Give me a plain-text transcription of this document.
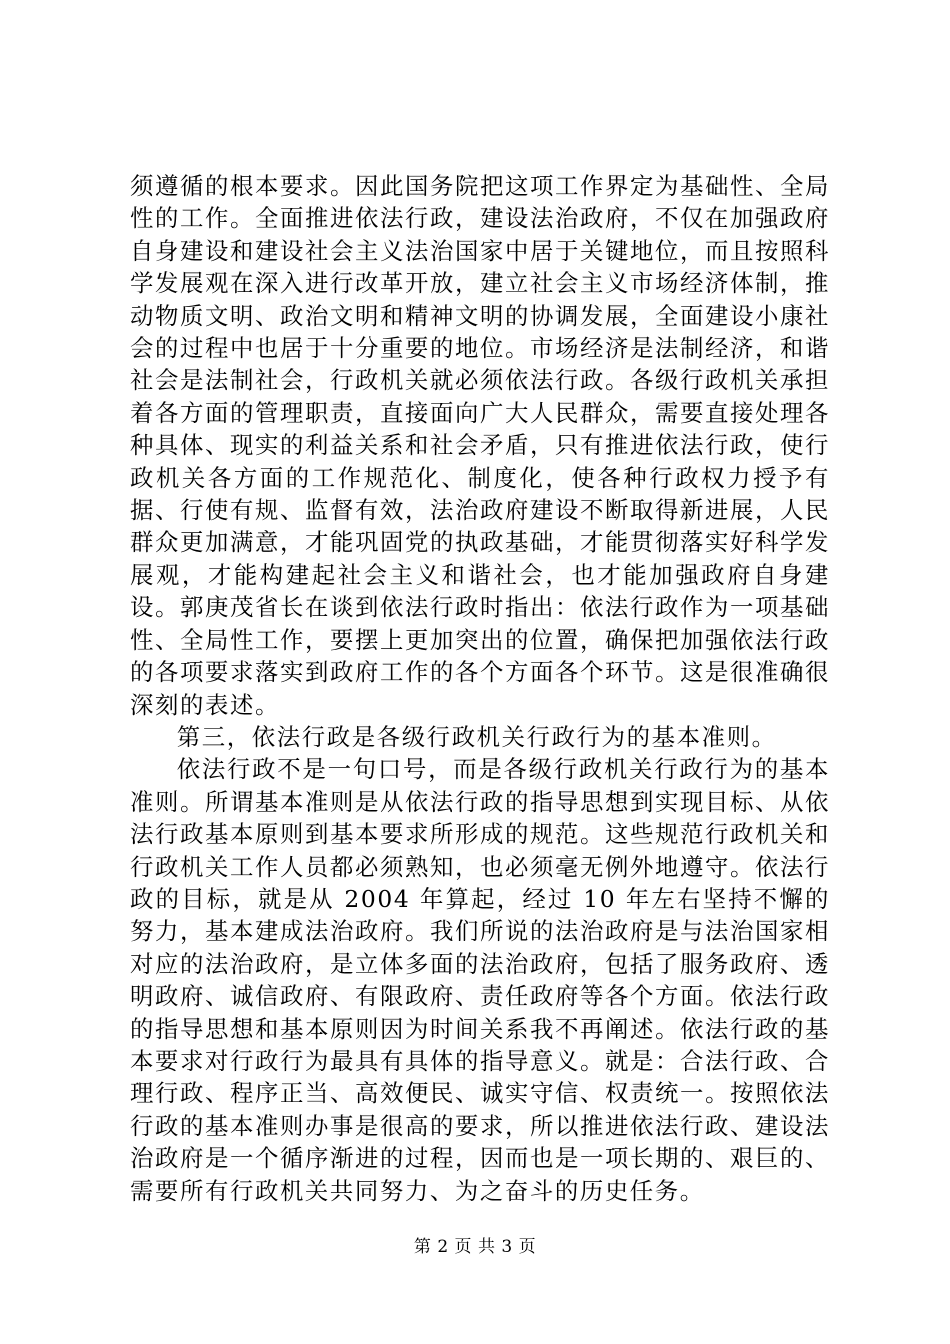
须遵循的根本要求。因此国务院把这项工作界定为基础性、全局性的工作。全面推进依法行政，建设法治政府，不仅在加强政府自身建设和建设社会主义法治国家中居于关键地位，而且按照科学发展观在深入进行改革开放，建立社会主义市场经济体制，推动物质文明、政治文明和精神文明的协调发展，全面建设小康社会的过程中也居于十分重要的地位。市场经济是法制经济，和谐社会是法制社会，行政机关就必须依法行政。各级行政机关承担着各方面的管理职责，直接面向广大人民群众，需要直接处理各种具体、现实的利益关系和社会矛盾，只有推进依法行政，使行政机关各方面的工作规范化、制度化，使各种行政权力授予有据、行使有规、监督有效，法治政府建设不断取得新进展，人民群众更加满意，才能巩固党的执政基础，才能贯彻落实好科学发展观，才能构建起社会主义和谐社会，也才能加强政府自身建设。郭庚茂省长在谈到依法行政时指出：依法行政作为一项基础性、全局性工作，要摆上更加突出的位置，确保把加强依法行政的各项要求落实到政府工作的各个方面各个环节。这是很准确很深刻的表述。

第三，依法行政是各级行政机关行政行为的基本准则。

依法行政不是一句口号，而是各级行政机关行政行为的基本准则。所谓基本准则是从依法行政的指导思想到实现目标、从依法行政基本原则到基本要求所形成的规范。这些规范行政机关和行政机关工作人员都必须熟知，也必须毫无例外地遵守。依法行政的目标，就是从 2004 年算起，经过 10 年左右坚持不懈的努力，基本建成法治政府。我们所说的法治政府是与法治国家相对应的法治政府，是立体多面的法治政府，包括了服务政府、透明政府、诚信政府、有限政府、责任政府等各个方面。依法行政的指导思想和基本原则因为时间关系我不再阐述。依法行政的基本要求对行政行为最具有具体的指导意义。就是：合法行政、合理行政、程序正当、高效便民、诚实守信、权责统一。按照依法行政的基本准则办事是很高的要求，所以推进依法行政、建设法治政府是一个循序渐进的过程，因而也是一项长期的、艰巨的、需要所有行政机关共同努力、为之奋斗的历史任务。

第 2 页 共 3 页
